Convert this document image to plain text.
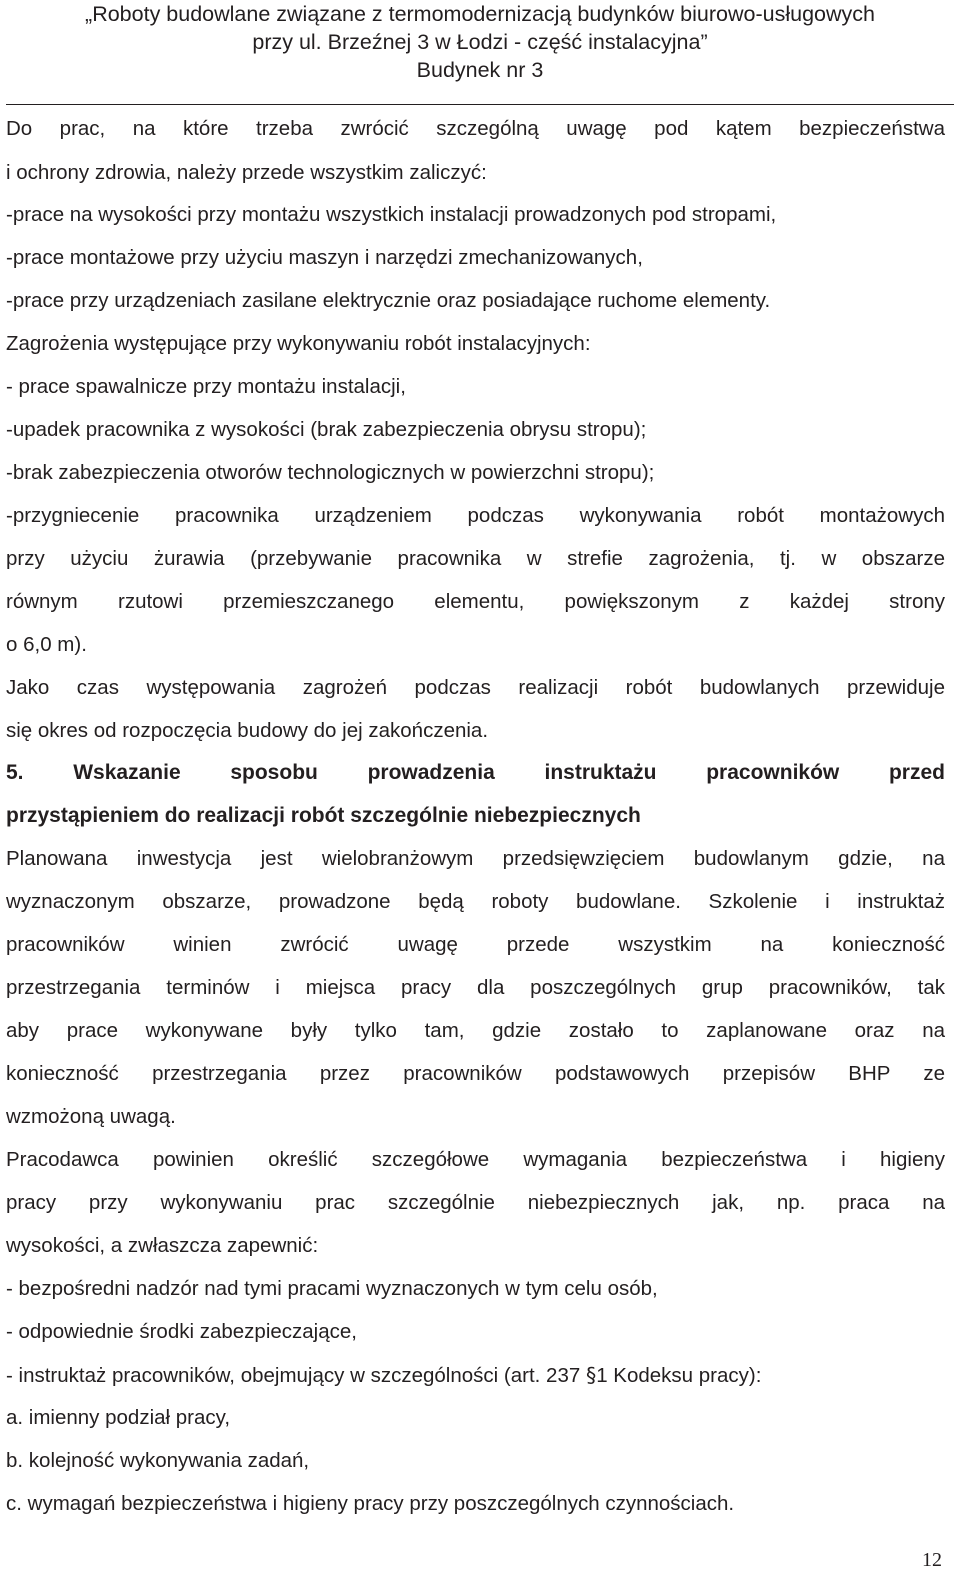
„Roboty budowlane związane z termomodernizacją budynków biurowo-usługowych
przy ul. Brzeźnej 3 w Łodzi - część instalacyjna”
Budynek nr 3
Do prac, na które trzeba zwrócić szczególną uwagę pod kątem bezpieczeństwa
i ochrony zdrowia, należy przede wszystkim zaliczyć:
-prace na wysokości przy montażu wszystkich instalacji prowadzonych pod stropami,
-prace montażowe przy użyciu maszyn i narzędzi zmechanizowanych,
-prace przy urządzeniach zasilane elektrycznie oraz posiadające ruchome elementy.
Zagrożenia występujące przy wykonywaniu robót instalacyjnych:
- prace spawalnicze przy montażu instalacji,
-upadek pracownika z wysokości (brak zabezpieczenia obrysu stropu);
-brak zabezpieczenia otworów technologicznych w powierzchni stropu);
-przygniecenie pracownika urządzeniem podczas wykonywania robót montażowych
przy użyciu żurawia (przebywanie pracownika w strefie zagrożenia, tj. w obszarze
równym rzutowi przemieszczanego elementu, powiększonym z każdej strony
o 6,0 m).
Jako czas występowania zagrożeń podczas realizacji robót budowlanych przewiduje
się okres od rozpoczęcia budowy do jej zakończenia.
5. Wskazanie sposobu prowadzenia instruktażu pracowników przed
przystąpieniem do realizacji robót szczególnie niebezpiecznych
Planowana inwestycja jest wielobranżowym przedsięwzięciem budowlanym gdzie, na
wyznaczonym obszarze, prowadzone będą roboty budowlane. Szkolenie i instruktaż
pracowników winien zwrócić uwagę przede wszystkim na konieczność
przestrzegania terminów i miejsca pracy dla poszczególnych grup pracowników, tak
aby prace wykonywane były tylko tam, gdzie zostało to zaplanowane oraz na
konieczność przestrzegania przez pracowników podstawowych przepisów BHP ze
wzmożoną uwagą.
Pracodawca powinien określić szczegółowe wymagania bezpieczeństwa i higieny
pracy przy wykonywaniu prac szczególnie niebezpiecznych jak, np. praca na
wysokości, a zwłaszcza zapewnić:
- bezpośredni nadzór nad tymi pracami wyznaczonych w tym celu osób,
- odpowiednie środki zabezpieczające,
- instruktaż pracowników, obejmujący w szczególności (art. 237 §1 Kodeksu pracy):
a. imienny podział pracy,
b. kolejność wykonywania zadań,
c. wymagań bezpieczeństwa i higieny pracy przy poszczególnych czynnościach.
12
